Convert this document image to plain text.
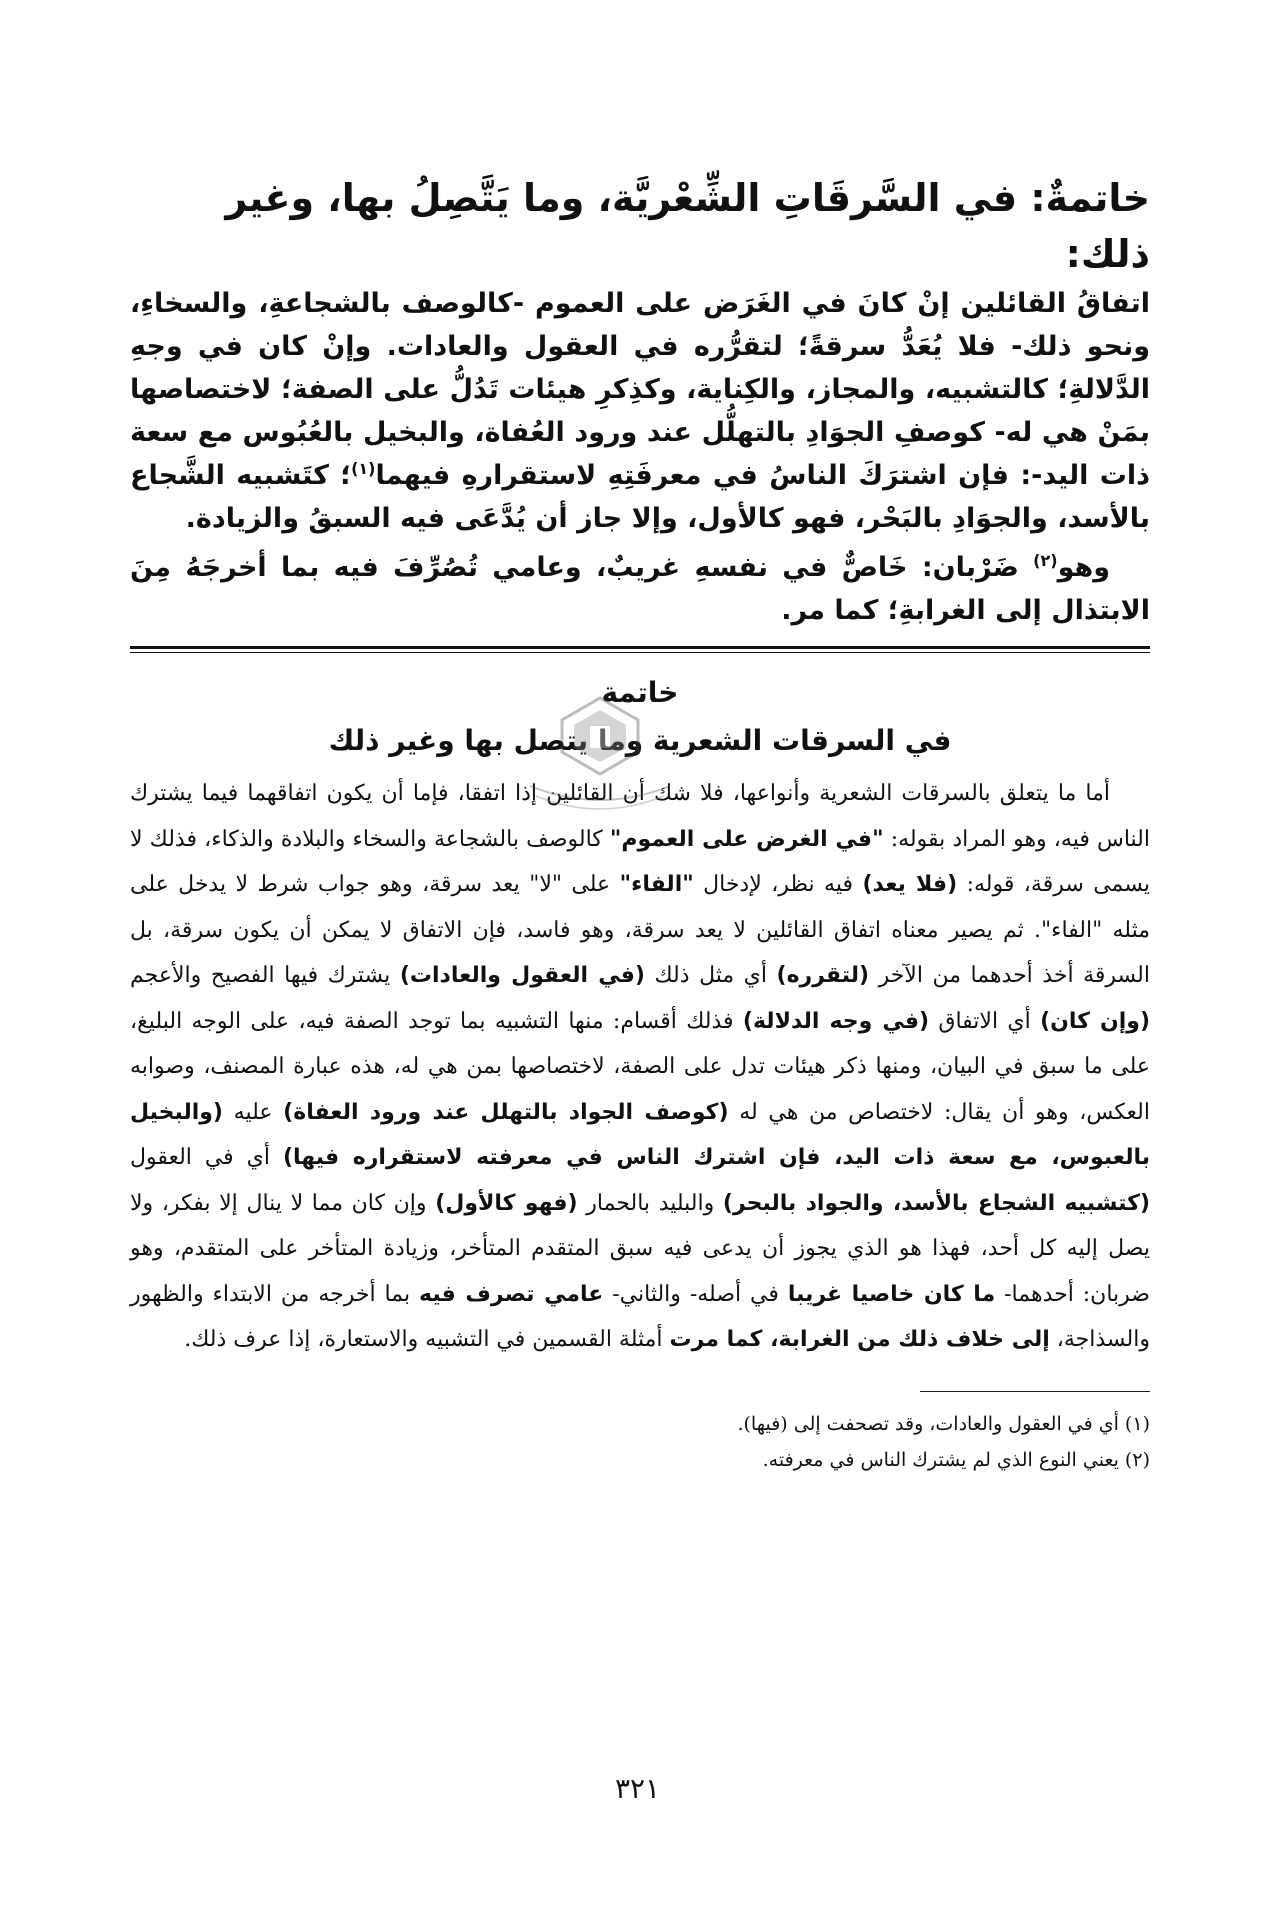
خاتمةٌ: في السَّرقَاتِ الشِّعْريَّة، وما يَتَّصِلُ بها، وغير ذلك:

اتفاقُ القائلين إنْ كانَ في الغَرَض على العموم -كالوصف بالشجاعةِ، والسخاءِ، ونحو ذلك- فلا يُعَدُّ سرقةً؛ لتقرُّره في العقول والعادات. وإنْ كان في وجهِ الدَّلالةِ؛ كالتشبيه، والمجاز، والكِناية، وكذِكرِ هيئات تَدُلُّ على الصفة؛ لاختصاصها بمَنْ هي له- كوصفِ الجوَادِ بالتهلُّل عند ورود العُفاة، والبخيل بالعُبُوس مع سعة ذات اليد-: فإن اشترَكَ الناسُ في معرفَتِهِ لاستقرارهِ فيهما$^{(١)}$؛ كتَشبيه الشَّجاع بالأسد، والجوَادِ بالبَحْر، فهو كالأول، وإلا جاز أن يُدَّعَى فيه السبقُ والزيادة.

وهو$^{(٢)}$ ضَرْبان: خَاصٌّ في نفسهِ غريبٌ، وعامي تُصُرِّفَ فيه بما أخرجَهُ مِنَ الابتذال إلى الغرابةِ؛ كما مر.

خاتمة
في السرقات الشعرية وما يتصل بها وغير ذلك

أما ما يتعلق بالسرقات الشعرية وأنواعها، فلا شك أن القائلين إذا اتفقا، فإما أن يكون اتفاقهما فيما يشترك الناس فيه، وهو المراد بقوله: "في الغرض على العموم" كالوصف بالشجاعة والسخاء والبلادة والذكاء، فذلك لا يسمى سرقة، قوله: (فلا يعد) فيه نظر، لإدخال "الفاء" على "لا" يعد سرقة، وهو جواب شرط لا يدخل على مثله "الفاء". ثم يصير معناه اتفاق القائلين لا يعد سرقة، وهو فاسد، فإن الاتفاق لا يمكن أن يكون سرقة، بل السرقة أخذ أحدهما من الآخر (لتقرره) أي مثل ذلك (في العقول والعادات) يشترك فيها الفصيح والأعجم (وإن كان) أي الاتفاق (في وجه الدلالة) فذلك أقسام: منها التشبيه بما توجد الصفة فيه، على الوجه البليغ، على ما سبق في البيان، ومنها ذكر هيئات تدل على الصفة، لاختصاصها بمن هي له، هذه عبارة المصنف، وصوابه العكس، وهو أن يقال: لاختصاص من هي له (كوصف الجواد بالتهلل عند ورود العفاة) عليه (والبخيل بالعبوس، مع سعة ذات اليد، فإن اشترك الناس في معرفته لاستقراره فيها) أي في العقول (كتشبيه الشجاع بالأسد، والجواد بالبحر) والبليد بالحمار (فهو كالأول) وإن كان مما لا ينال إلا بفكر، ولا يصل إليه كل أحد، فهذا هو الذي يجوز أن يدعى فيه سبق المتقدم المتأخر، وزيادة المتأخر على المتقدم، وهو ضربان: أحدهما- ما كان خاصيا غريبا في أصله- والثاني- عامي تصرف فيه بما أخرجه من الابتداء والظهور والسذاجة، إلى خلاف ذلك من الغرابة، كما مرت أمثلة القسمين في التشبيه والاستعارة، إذا عرف ذلك.

(١) أي في العقول والعادات، وقد تصحفت إلى (فيها).
(٢) يعني النوع الذي لم يشترك الناس في معرفته.
٣٢١
